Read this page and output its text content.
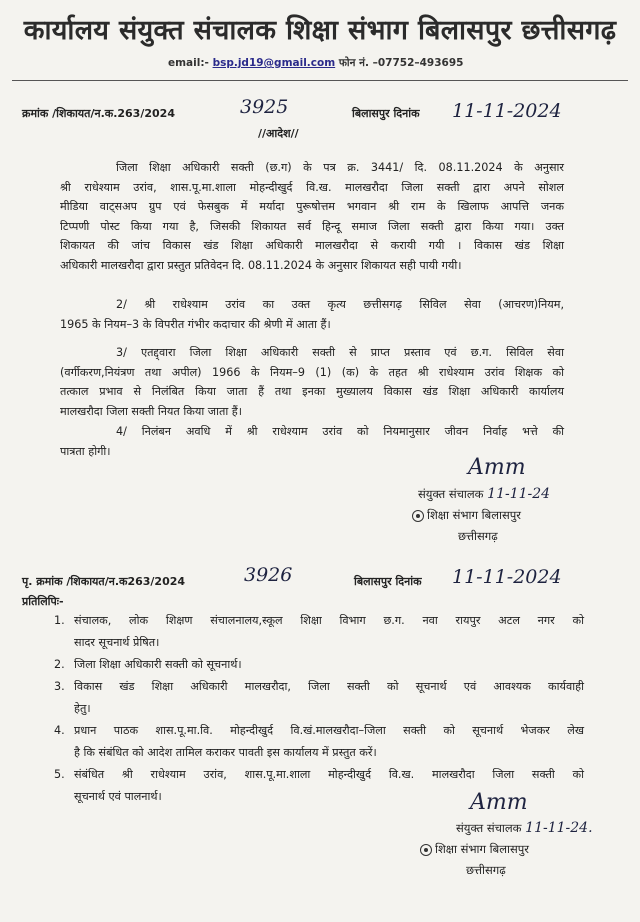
कार्यालय संयुक्त संचालक शिक्षा संभाग बिलासपुर छत्तीसगढ़
email:- bsp.jd19@gmail.com फोन नं. –07752–493695
क्रमांक /शिकायत/न.क.263/2024	3925	बिलासपुर दिनांक 11-11-2024
//आदेश//
जिला शिक्षा अधिकारी सक्ती (छ.ग) के पत्र क्र. 3441/ दि. 08.11.2024 के अनुसार
श्री राधेश्याम उरांव, शास.पू.मा.शाला मोहन्दीखुर्द वि.ख. मालखरौदा जिला सक्ती द्वारा अपने सोशल
मीडिया वाट्सअप ग्रुप एवं फेसबुक में मर्यादा पुरूषोत्तम भगवान श्री राम के खिलाफ आपत्ति जनक
टिप्पणी पोस्ट किया गया है, जिसकी शिकायत सर्व हिन्दू समाज जिला सक्ती द्वारा किया गया। उक्त
शिकायत की जांच विकास खंड शिक्षा अधिकारी मालखरौदा से करायी गयी । विकास खंड शिक्षा
अधिकारी मालखरौदा द्वारा प्रस्तुत प्रतिवेदन दि. 08.11.2024 के अनुसार शिकायत सही पायी गयी।
2/ श्री राधेश्याम उरांव का उक्त कृत्य छत्तीसगढ़ सिविल सेवा (आचरण)नियम,
1965 के नियम–3 के विपरीत गंभीर कदाचार की श्रेणी में आता हैं।
3/ एतद्द्वारा जिला शिक्षा अधिकारी सक्ती से प्राप्त प्रस्ताव एवं छ.ग. सिविल सेवा
(वर्गीकरण,नियंत्रण तथा अपील) 1966 के नियम–9 (1) (क) के तहत श्री राधेश्याम उरांव शिक्षक को
तत्काल प्रभाव से निलंबित किया जाता हैं तथा इनका मुख्यालय विकास खंड शिक्षा अधिकारी कार्यालय
मालखरौदा जिला सक्ती नियत किया जाता हैं।
4/ निलंबन अवधि में श्री राधेश्याम उरांव को नियमानुसार जीवन निर्वाह भत्ते की
पात्रता होगी।
Amm
संयुक्त संचालक 11-11-24
शिक्षा संभाग बिलासपुर
छत्तीसगढ़
पृ. क्रमांक /शिकायत/न.क263/2024	3926	बिलासपुर दिनांक 11-11-2024
प्रतिलिपिः-
1. संचालक, लोक शिक्षण संचालनालय,स्कूल शिक्षा विभाग छ.ग. नवा रायपुर अटल नगर को
सादर सूचनार्थ प्रेषित।
2. जिला शिक्षा अधिकारी सक्ती को सूचनार्थ।
3. विकास खंड शिक्षा अधिकारी मालखरौदा, जिला सक्ती को सूचनार्थ एवं आवश्यक कार्यवाही
हेतु।
4. प्रधान पाठक शास.पू.मा.वि. मोहन्दीखुर्द वि.खं.मालखरौदा–जिला सक्ती को सूचनार्थ भेजकर लेख
है कि संबंधित को आदेश तामिल कराकर पावती इस कार्यालय में प्रस्तुत करें।
5. संबंधित श्री राधेश्याम उरांव, शास.पू.मा.शाला मोहन्दीखुर्द वि.ख. मालखरौदा जिला सक्ती को
सूचनार्थ एवं पालनार्थ।	Amm
संयुक्त संचालक 11-11-24.
शिक्षा संभाग बिलासपुर
छत्तीसगढ़
